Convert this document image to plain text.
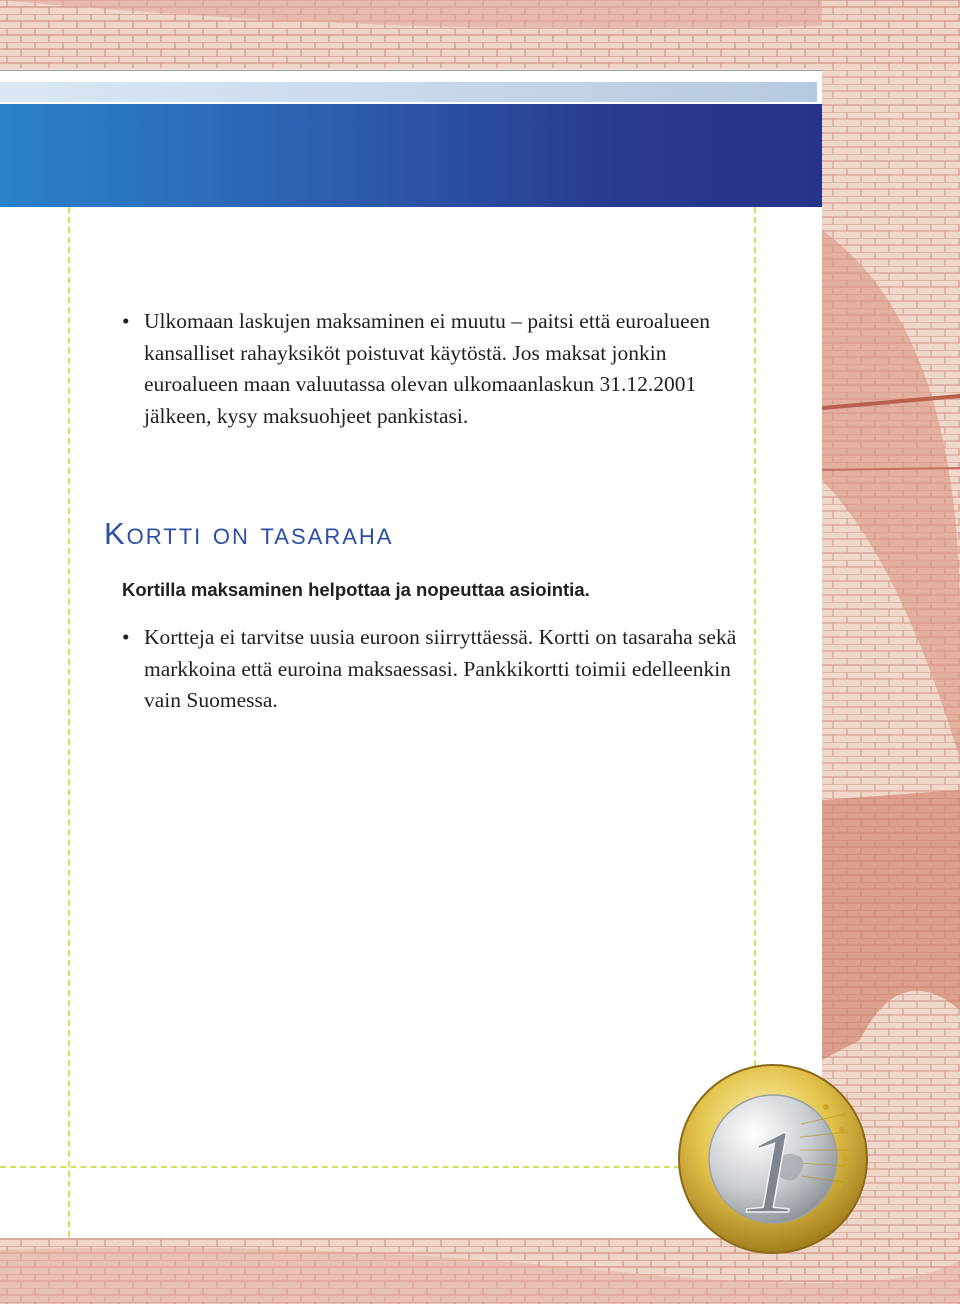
• Ulkomaan laskujen maksaminen ei muutu – paitsi että euroalueen kansalliset rahayksiköt poistuvat käytöstä. Jos maksat jonkin euroalueen maan valuutassa olevan ulkomaanlaskun 31.12.2001 jälkeen, kysy maksuohjeet pankistasi.
Kortti on tasaraha
Kortilla maksaminen helpottaa ja nopeuttaa asiointia.
• Kortteja ei tarvitse uusia euroon siirryttäessä. Kortti on tasaraha sekä markkoina että euroina maksaessasi. Pankkikortti toimii edelleenkin vain Suomessa.
1
